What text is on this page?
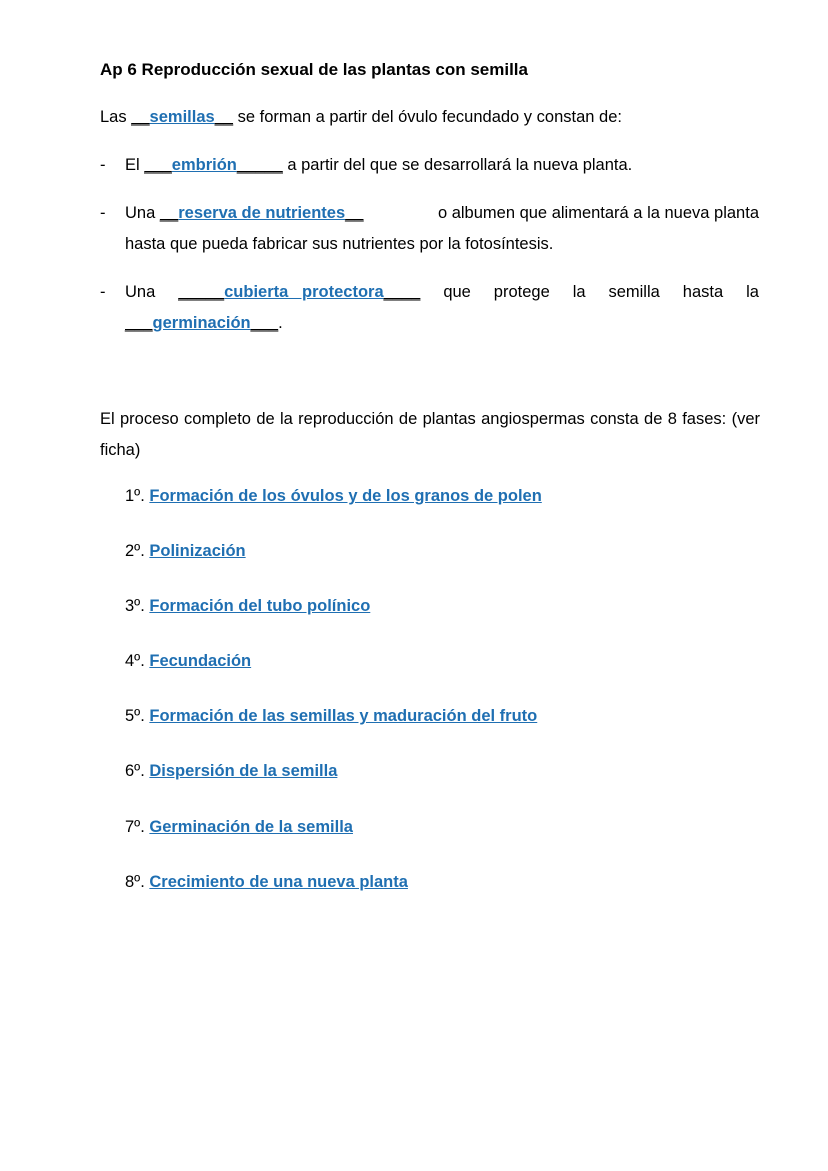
Ap 6 Reproducción sexual de las plantas con semilla
Las __semillas__ se forman a partir del óvulo fecundado y constan de:
- El ___embrión_____ a partir del que se desarrollará la nueva planta.
- Una __reserva de nutrientes__	o albumen que alimentará a la nueva planta
hasta que pueda fabricar sus nutrientes por la fotosíntesis.
- Una _____cubierta   protectora____ que protege la semilla hasta la
___germinación___.
El proceso completo de la reproducción de plantas angiospermas consta de 8 fases: (ver ficha)
1º. Formación de los óvulos y de los granos de polen
2º. Polinización
3º. Formación del tubo polínico
4º. Fecundación
5º. Formación de las semillas y maduración del fruto
6º. Dispersión de la semilla
7º. Germinación de la semilla
8º. Crecimiento de una nueva planta
